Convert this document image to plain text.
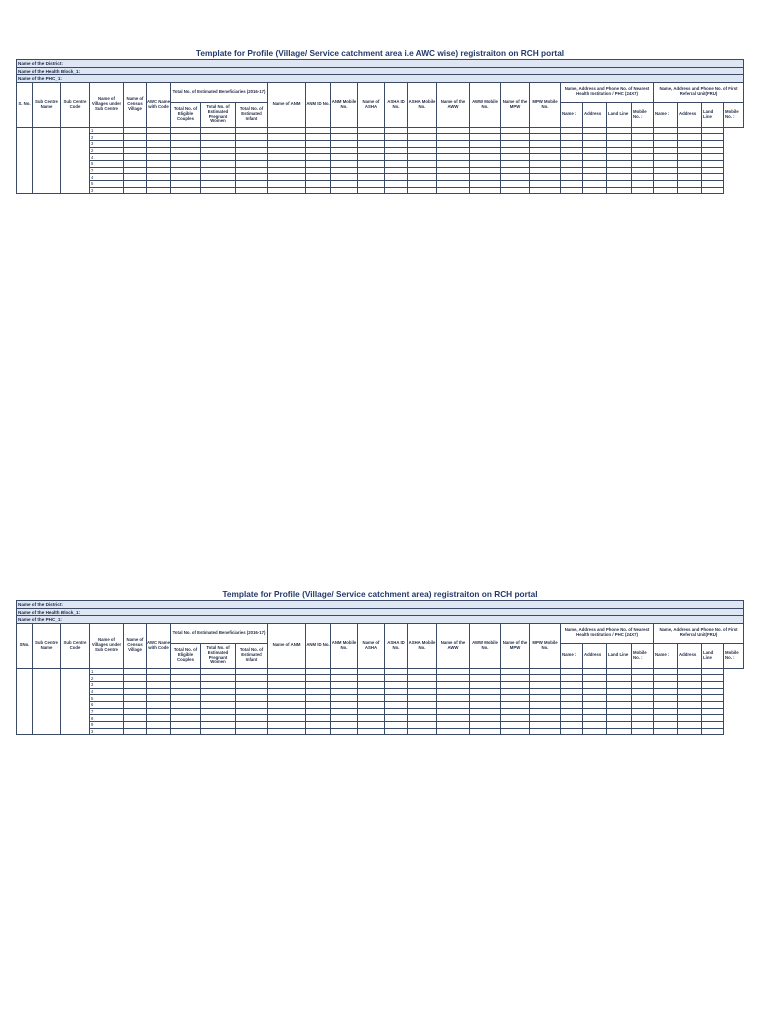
Template for Profile (Village/ Service catchment area i.e AWC wise) registraiton on RCH portal
Name of the District:
Name of the Health Block_1:
Name of the PHC_1:
S. No.	Sub Centre Name	Sub Centre Code	Name of Villages under Sub Centre	Name of Census Village	AWC Name with Code	Total No. of Estimated Beneficiaries (2016-17)			Name of ANM	ANM ID No.	ANM Mobile No.	Name of ASHA	ASHA ID No.	ASHA Mobile No.	Name of the AWW	AWW Mobile No.	Name of the MPW	MPW Mobile No.	Name, Address and Phone No. of Nearest Health Institution / PHC (24X7)				Name, Address and Phone No. of First Referral Unit(FRU)			
						Total No. of Eligible Couples	Total No. of Estimated Pregnant Women	Total No. of Estimated Infant											Name :	Address	Land Line	Mobile No. :	Name :	Address	Land Line	Mobile No. :
			1																							
			2																							
			3																							
			2																							
			4																							
			5																							
			7																							
			4																							
			5																							
			3																							
Template for Profile (Village/ Service catchment area) registraiton on RCH portal
Name of the District:
Name of the Health Block_1:
Name of the PHC_1:
SNo.	Sub Centre Name	Sub Centre Code	Name of Villages under Sub Centre	Name of Census Village	AWC Name with Code	Total No. of Estimated Beneficiaries (2016-17)			Name of ANM	ANM ID No.	ANM Mobile No.	Name of ASHA	ASHA ID No.	ASHA Mobile No.	Name of the AWW	AWW Mobile No.	Name of the MPW	MPW Mobile No.	Name, Address and Phone No. of Nearest Health Institution / PHC (24X7)				Name, Address and Phone No. of First Referral Unit(FRU)			
						Total No. of Eligible Couples	Total No. of Estimated Pregnant Women	Total No. of Estimated Infant											Name :	Address	Land Line	Mobile No. :	Name :	Address	Land Line	Mobile No. :
			1																							
			2																							
			3																							
			4																							
			5																							
			6																							
			7																							
			8																							
			9																							
			3																							
